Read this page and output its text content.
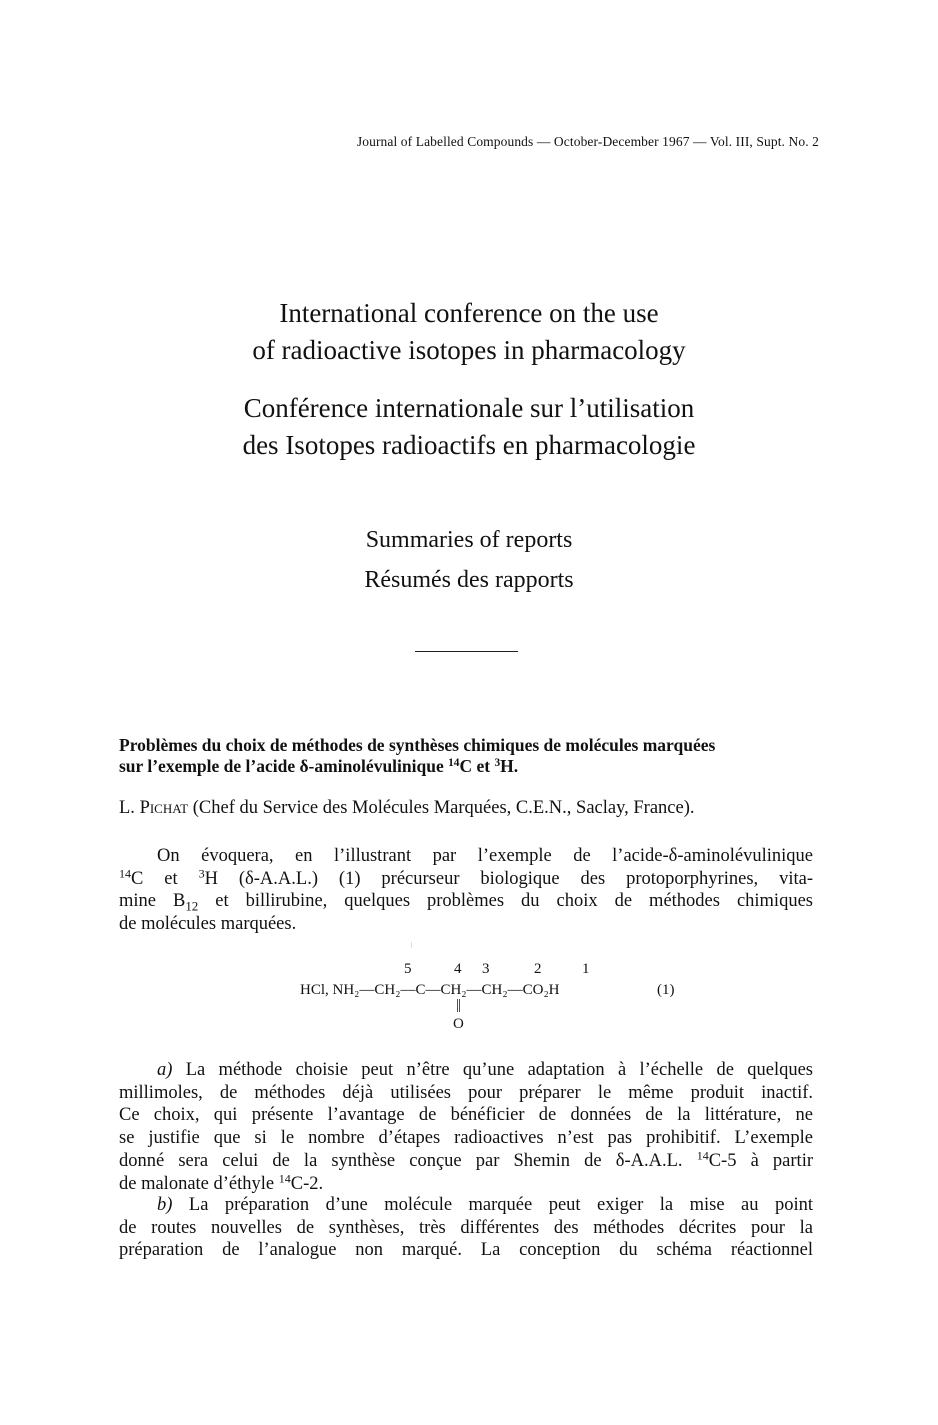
Journal of Labelled Compounds — October-December 1967 — Vol. III, Supt. No. 2
International conference on the use
of radioactive isotopes in pharmacology
Conférence internationale sur l’utilisation
des Isotopes radioactifs en pharmacologie
Summaries of reports
Résumés des rapports
Problèmes du choix de méthodes de synthèses chimiques de molécules marquées
sur l’exemple de l’acide δ-aminolévulinique $^{14}$C et $^3$H.
L. Pichat (Chef du Service des Molécules Marquées, C.E.N., Saclay, France).
On évoquera, en l’illustrant par l’exemple de l’acide-δ-aminolévulinique
$^{14}$C et $^3$H (δ-A.A.L.) (1) précurseur biologique des protoporphyrines, vita-
mine $B_{12}$ et billirubine, quelques problèmes du choix de méthodes chimiques
de molécules marquées.
5	4 3	2	1
HCl, NH₂—CH₂—C—CH₂—CH₂—CO₂H	(1)
||
O
a) La méthode choisie peut n’être qu’une adaptation à l’échelle de quelques
millimoles, de méthodes déjà utilisées pour préparer le même produit inactif.
Ce choix, qui présente l’avantage de bénéficier de données de la littérature, ne
se justifie que si le nombre d’étapes radioactives n’est pas prohibitif. L’exemple
donné sera celui de la synthèse conçue par Shemin de δ-A.A.L. $^{14}$C-5 à partir
de malonate d’éthyle $^{14}$C-2.
b) La préparation d’une molécule marquée peut exiger la mise au point
de routes nouvelles de synthèses, très différentes des méthodes décrites pour la
préparation de l’analogue non marqué. La conception du schéma réactionnel
